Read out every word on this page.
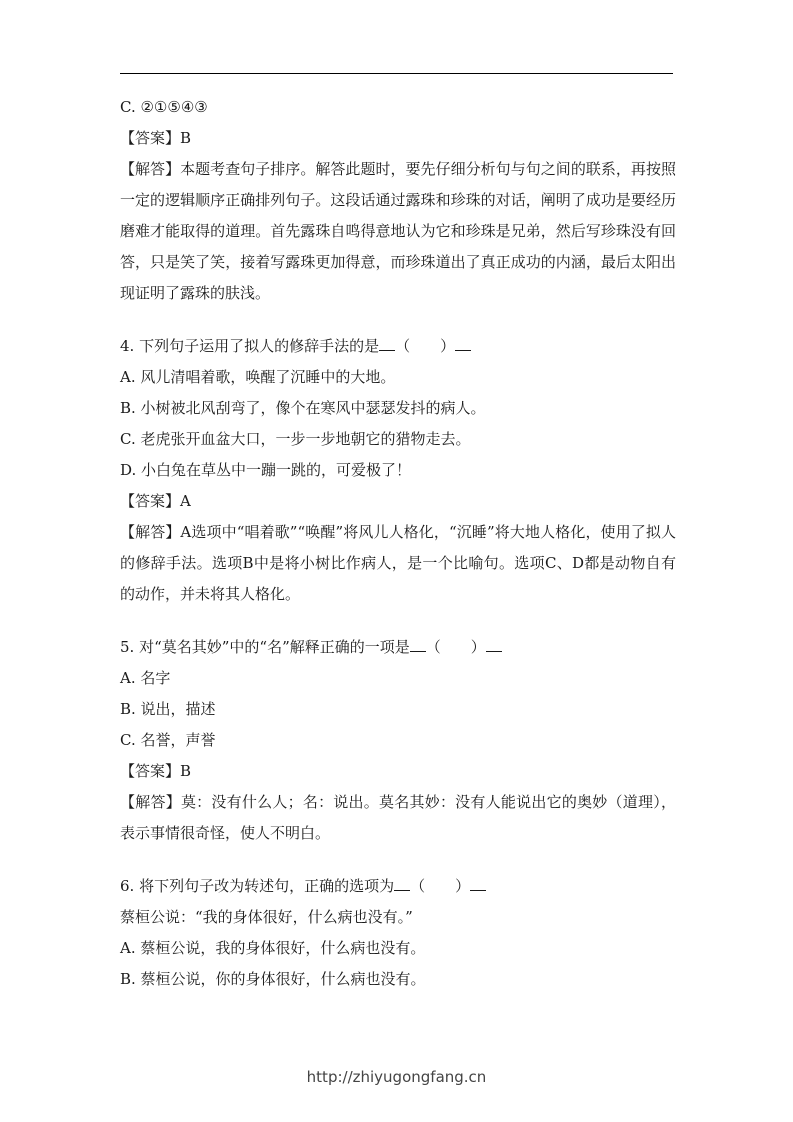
C. ②①⑤④③

【答案】B

【解答】本题考查句子排序。解答此题时，要先仔细分析句与句之间的联系，再按照一定的逻辑顺序正确排列句子。这段话通过露珠和珍珠的对话，阐明了成功是要经历磨难才能取得的道理。首先露珠自鸣得意地认为它和珍珠是兄弟，然后写珍珠没有回答，只是笑了笑，接着写露珠更加得意，而珍珠道出了真正成功的内涵，最后太阳出现证明了露珠的肤浅。

4. 下列句子运用了拟人的修辞手法的是 （　　）

A. 风儿清唱着歌，唤醒了沉睡中的大地。

B. 小树被北风刮弯了，像个在寒风中瑟瑟发抖的病人。

C. 老虎张开血盆大口，一步一步地朝它的猎物走去。

D. 小白兔在草丛中一蹦一跳的，可爱极了！

【答案】A

【解答】A选项中“唱着歌”“唤醒”将风儿人格化，“沉睡”将大地人格化，使用了拟人的修辞手法。选项B中是将小树比作病人，是一个比喻句。选项C、D都是动物自有的动作，并未将其人格化。

5. 对“莫名其妙”中的“名”解释正确的一项是 （　　）

A. 名字

B. 说出，描述

C. 名誉，声誉

【答案】B

【解答】莫：没有什么人；名：说出。莫名其妙：没有人能说出它的奥妙（道理），表示事情很奇怪，使人不明白。

6. 将下列句子改为转述句，正确的选项为 （　　）

蔡桓公说：“我的身体很好，什么病也没有。”

A. 蔡桓公说，我的身体很好，什么病也没有。

B. 蔡桓公说，你的身体很好，什么病也没有。

http://zhiyugongfang.cn
